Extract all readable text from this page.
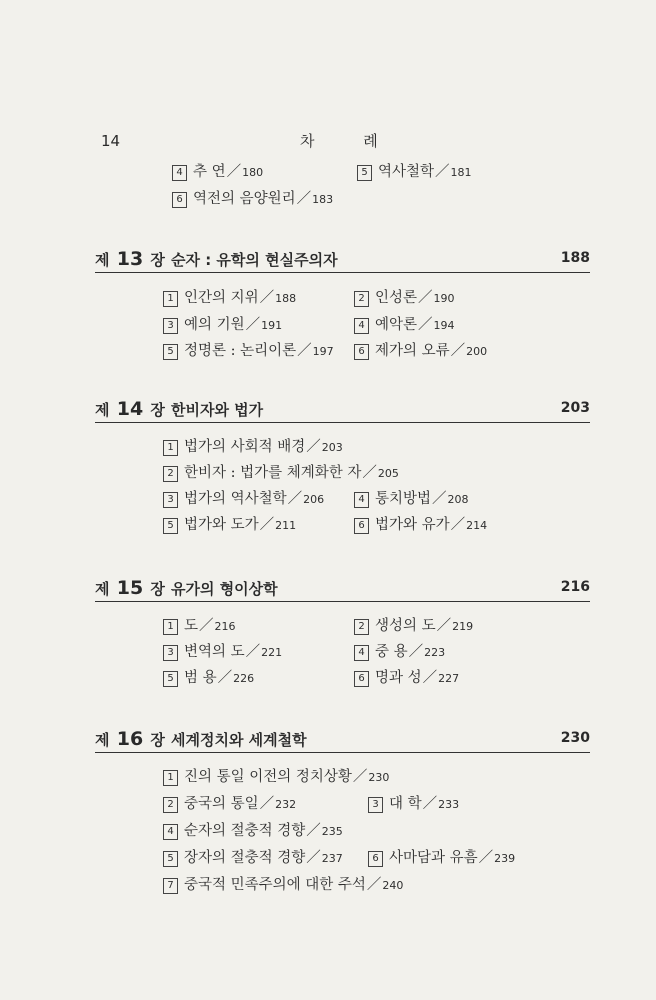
14	차 례
4 추 연／180	5 역사철학／181
6 역전의 음양원리／183
제 13 장 순자 : 유학의 현실주의자	188
1 인간의 지위／188	2 인성론／190
3 예의 기원／191	4 예악론／194
5 정명론 : 논리이론／197	6 제가의 오류／200
제 14 장 한비자와 법가	203
1 법가의 사회적 배경／203
2 한비자 : 법가를 체계화한 자／205
3 법가의 역사철학／206	4 통치방법／208
5 법가와 도가／211	6 법가와 유가／214
제 15 장 유가의 형이상학	216
1 도／216	2 생성의 도／219
3 변역의 도／221	4 중 용／223
5 범 용／226	6 명과 성／227
제 16 장 세계정치와 세계철학	230
1 진의 통일 이전의 정치상황／230
2 중국의 통일／232	3 대 학／233
4 순자의 절충적 경향／235
5 장자의 절충적 경향／237	6 사마담과 유흠／239
7 중국적 민족주의에 대한 주석／240
